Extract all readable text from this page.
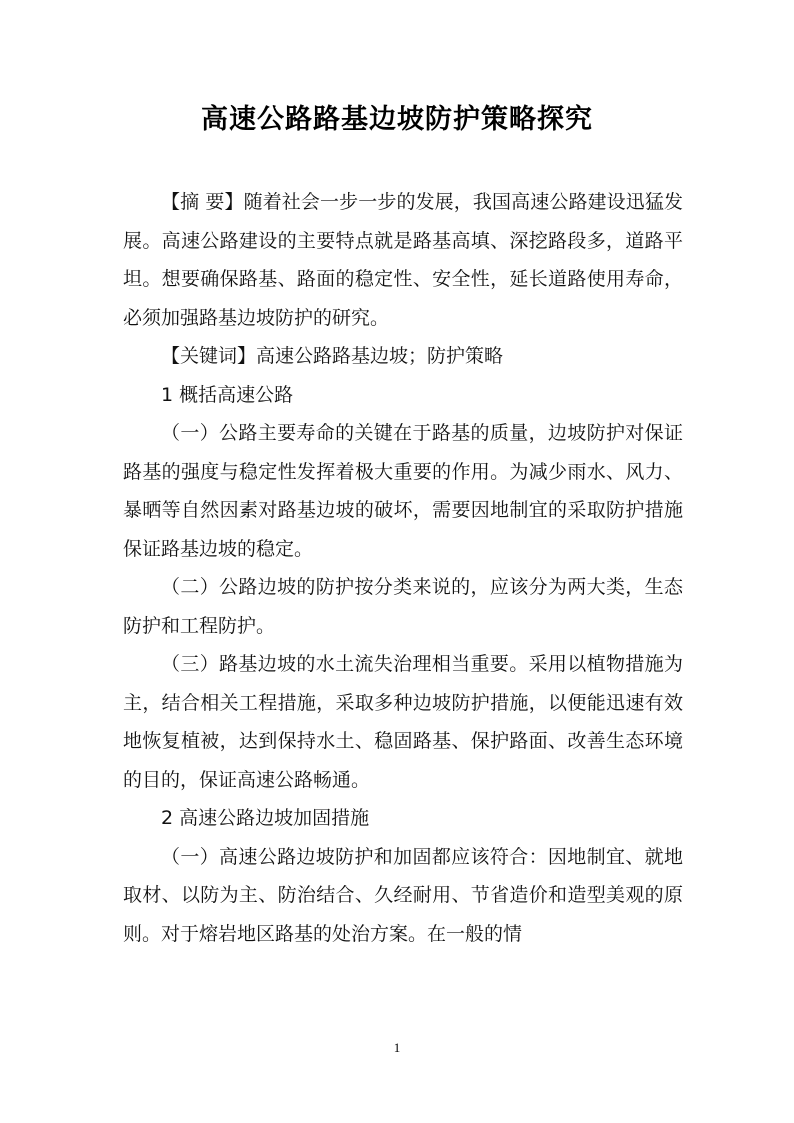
高速公路路基边坡防护策略探究

【摘 要】随着社会一步一步的发展，我国高速公路建设迅猛发展。高速公路建设的主要特点就是路基高填、深挖路段多，道路平坦。想要确保路基、路面的稳定性、安全性，延长道路使用寿命，必须加强路基边坡防护的研究。

【关键词】高速公路路基边坡；防护策略

1 概括高速公路

（一）公路主要寿命的关键在于路基的质量，边坡防护对保证路基的强度与稳定性发挥着极大重要的作用。为减少雨水、风力、暴晒等自然因素对路基边坡的破坏，需要因地制宜的采取防护措施保证路基边坡的稳定。

（二）公路边坡的防护按分类来说的，应该分为两大类，生态防护和工程防护。

（三）路基边坡的水土流失治理相当重要。采用以植物措施为主，结合相关工程措施，采取多种边坡防护措施，以便能迅速有效地恢复植被，达到保持水土、稳固路基、保护路面、改善生态环境的目的，保证高速公路畅通。

2 高速公路边坡加固措施

（一）高速公路边坡防护和加固都应该符合：因地制宜、就地取材、以防为主、防治结合、久经耐用、节省造价和造型美观的原则。对于熔岩地区路基的处治方案。在一般的情

1
